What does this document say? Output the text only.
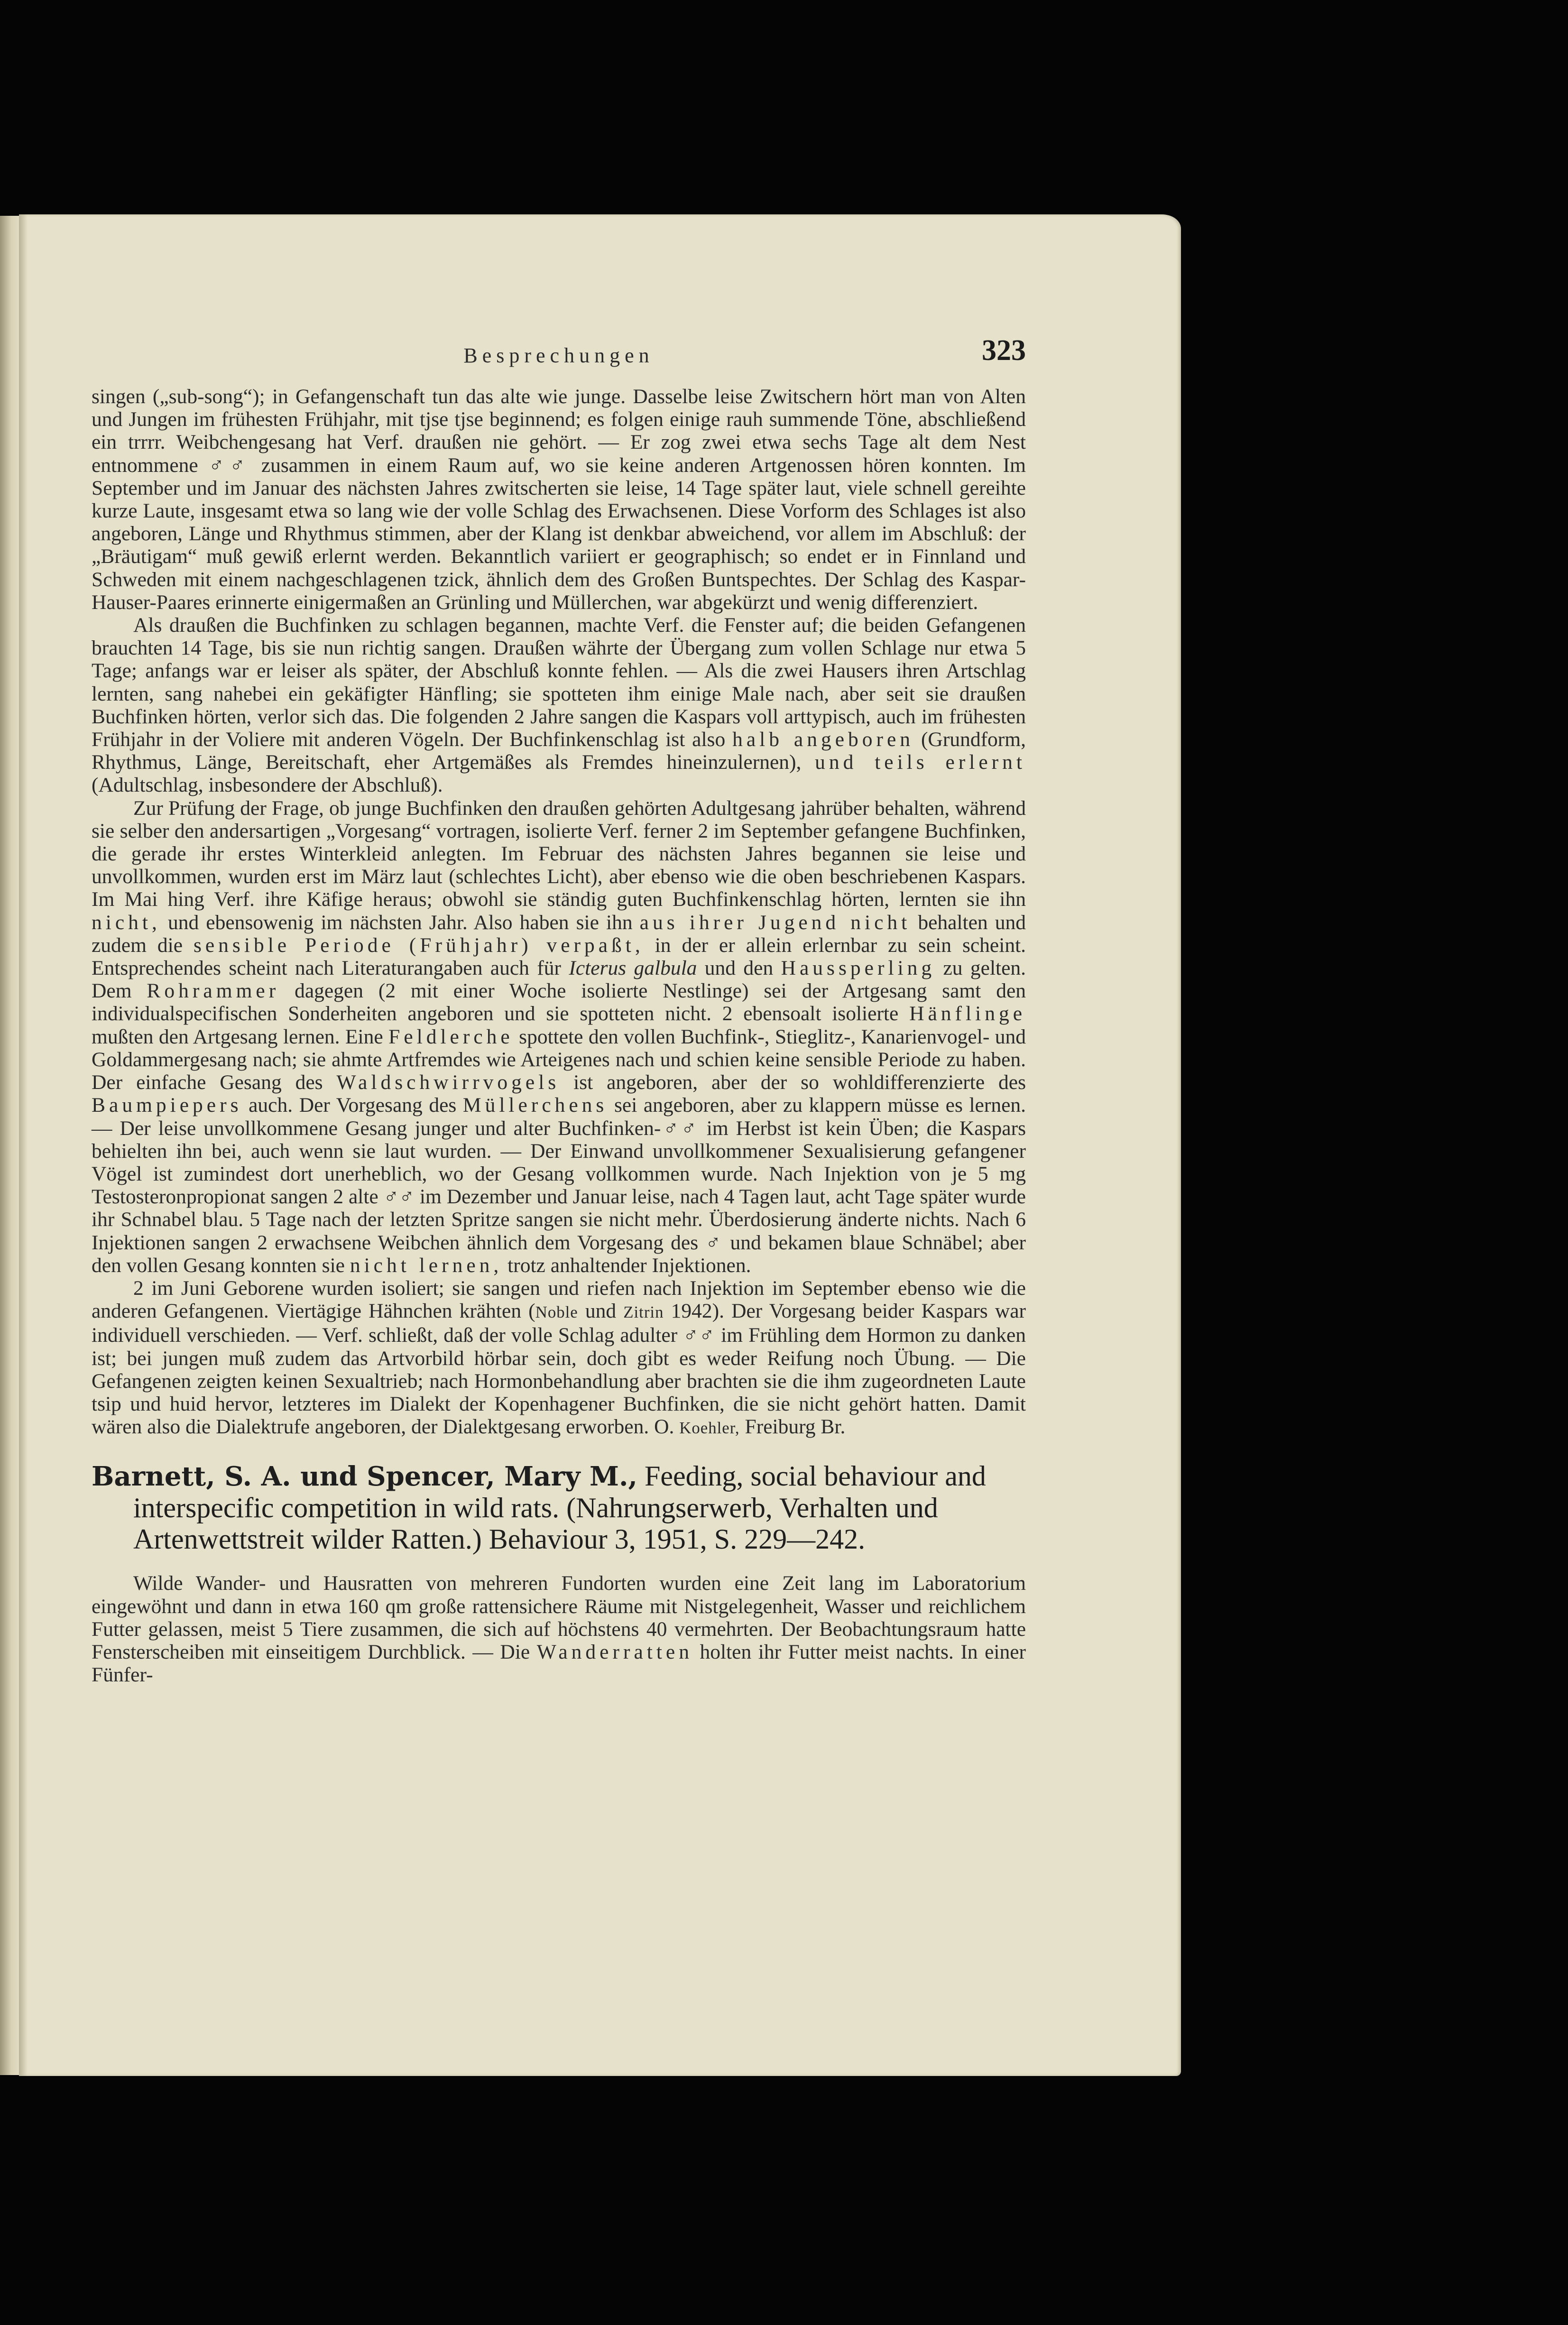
Besprechungen	323

singen („sub-song“); in Gefangenschaft tun das alte wie junge. Dasselbe leise Zwitschern hört man von Alten und Jungen im frühesten Frühjahr, mit tjse tjse beginnend; es folgen einige rauh summende Töne, abschließend ein trrrr. Weibchengesang hat Verf. draußen nie gehört. — Er zog zwei etwa sechs Tage alt dem Nest entnommene ♂♂ zusammen in einem Raum auf, wo sie keine anderen Artgenossen hören konnten. Im September und im Januar des nächsten Jahres zwitscherten sie leise, 14 Tage später laut, viele schnell gereihte kurze Laute, insgesamt etwa so lang wie der volle Schlag des Erwachsenen. Diese Vorform des Schlages ist also angeboren, Länge und Rhythmus stimmen, aber der Klang ist denkbar abweichend, vor allem im Abschluß: der „Bräutigam“ muß gewiß erlernt werden. Bekanntlich variiert er geographisch; so endet er in Finnland und Schweden mit einem nachgeschlagenen tzick, ähnlich dem des Großen Buntspechtes. Der Schlag des Kaspar-Hauser-Paares erinnerte einigermaßen an Grünling und Müllerchen, war abgekürzt und wenig differenziert.

Als draußen die Buchfinken zu schlagen begannen, machte Verf. die Fenster auf; die beiden Gefangenen brauchten 14 Tage, bis sie nun richtig sangen. Draußen währte der Übergang zum vollen Schlage nur etwa 5 Tage; anfangs war er leiser als später, der Abschluß konnte fehlen. — Als die zwei Hausers ihren Artschlag lernten, sang nahebei ein gekäfigter Hänfling; sie spotteten ihm einige Male nach, aber seit sie draußen Buchfinken hörten, verlor sich das. Die folgenden 2 Jahre sangen die Kaspars voll arttypisch, auch im frühesten Frühjahr in der Voliere mit anderen Vögeln. Der Buchfinkenschlag ist also halb angeboren (Grundform, Rhythmus, Länge, Bereitschaft, eher Artgemäßes als Fremdes hineinzulernen), und teils erlernt (Adultschlag, insbesondere der Abschluß).

Zur Prüfung der Frage, ob junge Buchfinken den draußen gehörten Adultgesang jahrüber behalten, während sie selber den andersartigen „Vorgesang“ vortragen, isolierte Verf. ferner 2 im September gefangene Buchfinken, die gerade ihr erstes Winterkleid anlegten. Im Februar des nächsten Jahres begannen sie leise und unvollkommen, wurden erst im März laut (schlechtes Licht), aber ebenso wie die oben beschriebenen Kaspars. Im Mai hing Verf. ihre Käfige heraus; obwohl sie ständig guten Buchfinkenschlag hörten, lernten sie ihn nicht, und ebensowenig im nächsten Jahr. Also haben sie ihn aus ihrer Jugend nicht behalten und zudem die sensible Periode (Frühjahr) verpaßt, in der er allein erlernbar zu sein scheint. Entsprechendes scheint nach Literaturangaben auch für Icterus galbula und den Haussperling zu gelten. Dem Rohrammer dagegen (2 mit einer Woche isolierte Nestlinge) sei der Artgesang samt den individualspecifischen Sonderheiten angeboren und sie spotteten nicht. 2 ebensoalt isolierte Hänflinge mußten den Artgesang lernen. Eine Feldlerche spottete den vollen Buchfink-, Stieglitz-, Kanarienvogel- und Goldammergesang nach; sie ahmte Artfremdes wie Arteigenes nach und schien keine sensible Periode zu haben. Der einfache Gesang des Waldschwirrvogels ist angeboren, aber der so wohldifferenzierte des Baumpiepers auch. Der Vorgesang des Müllerchens sei angeboren, aber zu klappern müsse es lernen. — Der leise unvollkommene Gesang junger und alter Buchfinken-♂♂ im Herbst ist kein Üben; die Kaspars behielten ihn bei, auch wenn sie laut wurden. — Der Einwand unvollkommener Sexualisierung gefangener Vögel ist zumindest dort unerheblich, wo der Gesang vollkommen wurde. Nach Injektion von je 5 mg Testosteronpropionat sangen 2 alte ♂♂ im Dezember und Januar leise, nach 4 Tagen laut, acht Tage später wurde ihr Schnabel blau. 5 Tage nach der letzten Spritze sangen sie nicht mehr. Überdosierung änderte nichts. Nach 6 Injektionen sangen 2 erwachsene Weibchen ähnlich dem Vorgesang des ♂ und bekamen blaue Schnäbel; aber den vollen Gesang konnten sie nicht lernen, trotz anhaltender Injektionen.

2 im Juni Geborene wurden isoliert; sie sangen und riefen nach Injektion im September ebenso wie die anderen Gefangenen. Viertägige Hähnchen krähten (Noble und Zitrin 1942). Der Vorgesang beider Kaspars war individuell verschieden. — Verf. schließt, daß der volle Schlag adulter ♂♂ im Frühling dem Hormon zu danken ist; bei jungen muß zudem das Artvorbild hörbar sein, doch gibt es weder Reifung noch Übung. — Die Gefangenen zeigten keinen Sexualtrieb; nach Hormonbehandlung aber brachten sie die ihm zugeordneten Laute tsip und huid hervor, letzteres im Dialekt der Kopenhagener Buchfinken, die sie nicht gehört hatten. Damit wären also die Dialektrufe angeboren, der Dialektgesang erworben. O. Koehler, Freiburg Br.

Barnett, S. A. und Spencer, Mary M., Feeding, social behaviour and interspecific competition in wild rats. (Nahrungserwerb, Verhalten und Artenwettstreit wilder Ratten.) Behaviour 3, 1951, S. 229—242.

Wilde Wander- und Hausratten von mehreren Fundorten wurden eine Zeit lang im Laboratorium eingewöhnt und dann in etwa 160 qm große rattensichere Räume mit Nistgelegenheit, Wasser und reichlichem Futter gelassen, meist 5 Tiere zusammen, die sich auf höchstens 40 vermehrten. Der Beobachtungsraum hatte Fensterscheiben mit einseitigem Durchblick. — Die Wanderratten holten ihr Futter meist nachts. In einer Fünfer-
